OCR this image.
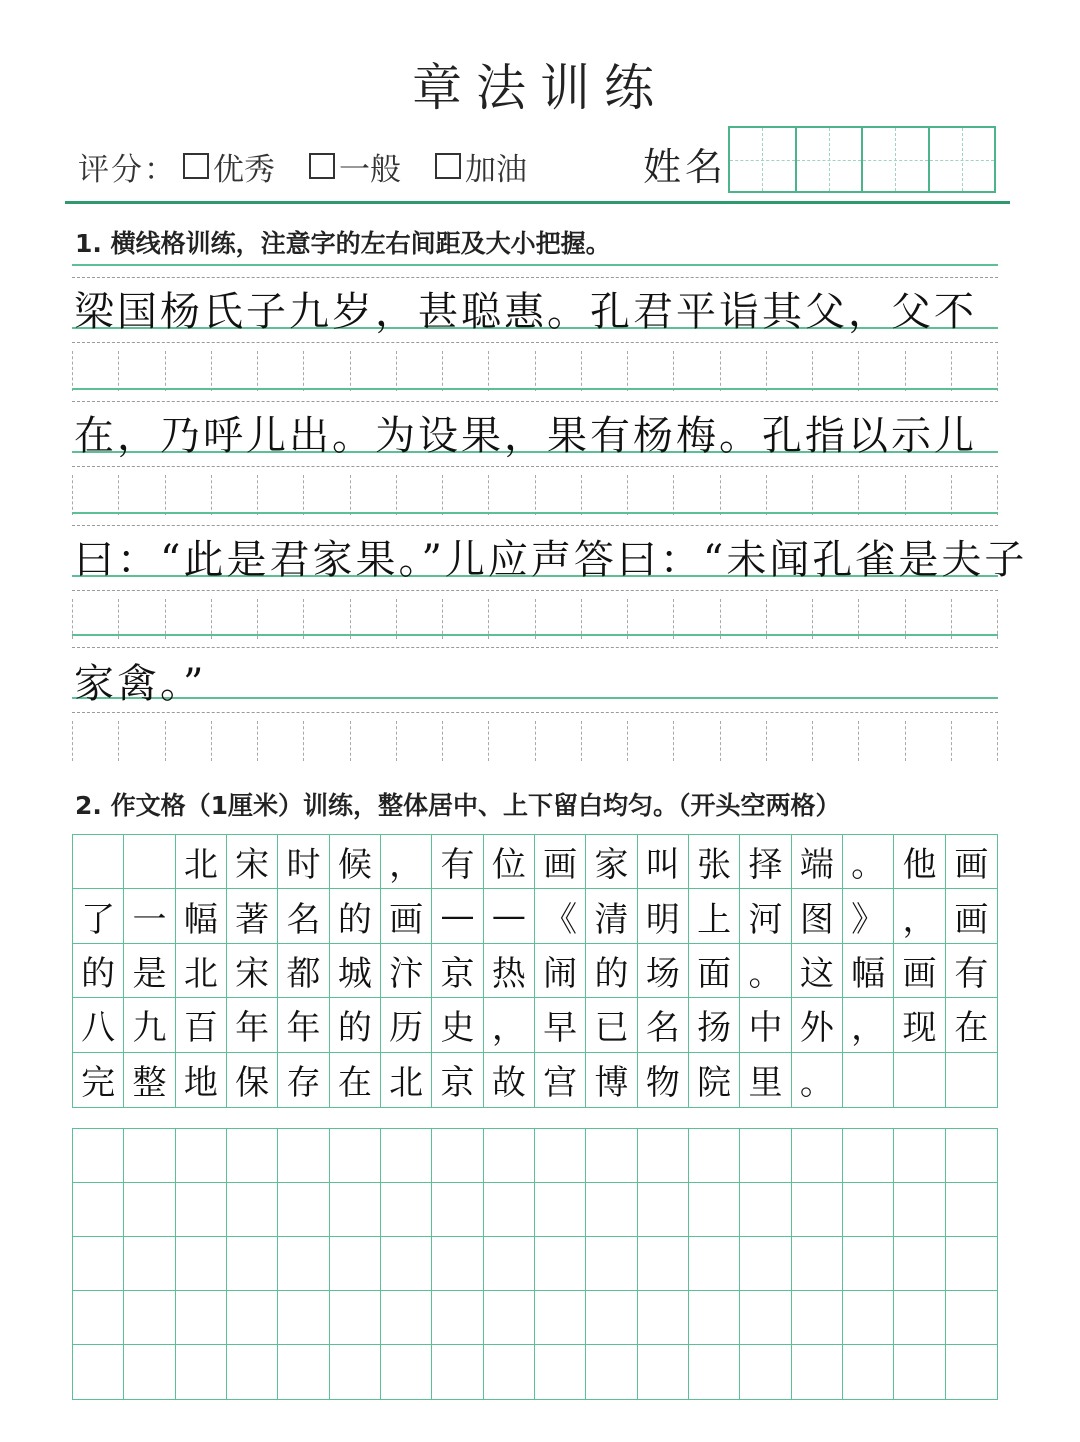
章法训练
评分： 优秀 一般 加油	姓名
1. 横线格训练，注意字的左右间距及大小把握。
梁国杨氏子九岁，甚聪惠。孔君平诣其父，父不
在，乃呼儿出。为设果，果有杨梅。孔指以示儿
曰：“此是君家果。”儿应声答曰：“未闻孔雀是夫子
家禽。”
2. 作文格（1厘米）训练，整体居中、上下留白均匀。（开头空两格）
北 宋 时 候 ， 有 位 画 家 叫 张 择 端 。 他 画
了 一 幅 著 名 的 画 — — 《 清 明 上 河 图 》 ， 画
的 是 北 宋 都 城 汴 京 热 闹 的 场 面 。 这 幅 画 有
八 九 百 年 年 的 历 史 ， 早 已 名 扬 中 外 ， 现 在
完 整 地 保 存 在 北 京 故 宫 博 物 院 里 。
